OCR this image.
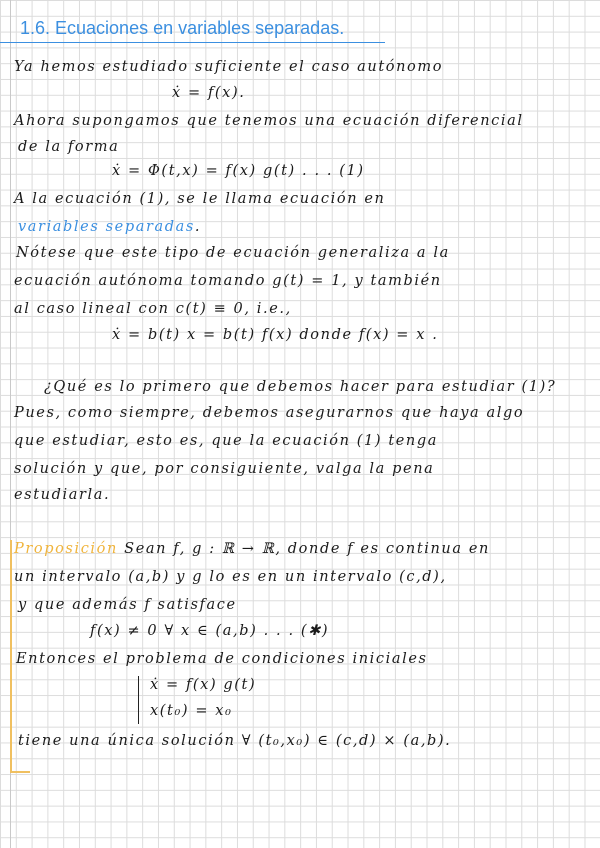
1.6. Ecuaciones en variables separadas.

Ya hemos estudiado suficiente el caso autónomo

ẋ = f(x).

Ahora supongamos que tenemos una ecuación diferencial

de la forma

ẋ = Φ(t,x) = f(x) g(t) . . . (1)

A la ecuación (1), se le llama ecuación en

variables separadas.

Nótese que este tipo de ecuación generaliza a la

ecuación autónoma tomando g(t) = 1, y también

al caso lineal con c(t) ≡ 0, i.e.,

ẋ = b(t) x = b(t) f(x) donde f(x) = x .

¿Qué es lo primero que debemos hacer para estudiar (1)?

Pues, como siempre, debemos asegurarnos que haya algo

que estudiar, esto es, que la ecuación (1) tenga

solución y que, por consiguiente, valga la pena

estudiarla.

Proposición Sean f, g : ℝ → ℝ, donde f es continua en

un intervalo (a,b) y g lo es en un intervalo (c,d),

y que además f satisface

f(x) ≠ 0 ∀ x ∈ (a,b) . . . (✱)

Entonces el problema de condiciones iniciales

ẋ = f(x) g(t)

x(t₀) = x₀

tiene una única solución ∀ (t₀,x₀) ∈ (c,d) × (a,b).
